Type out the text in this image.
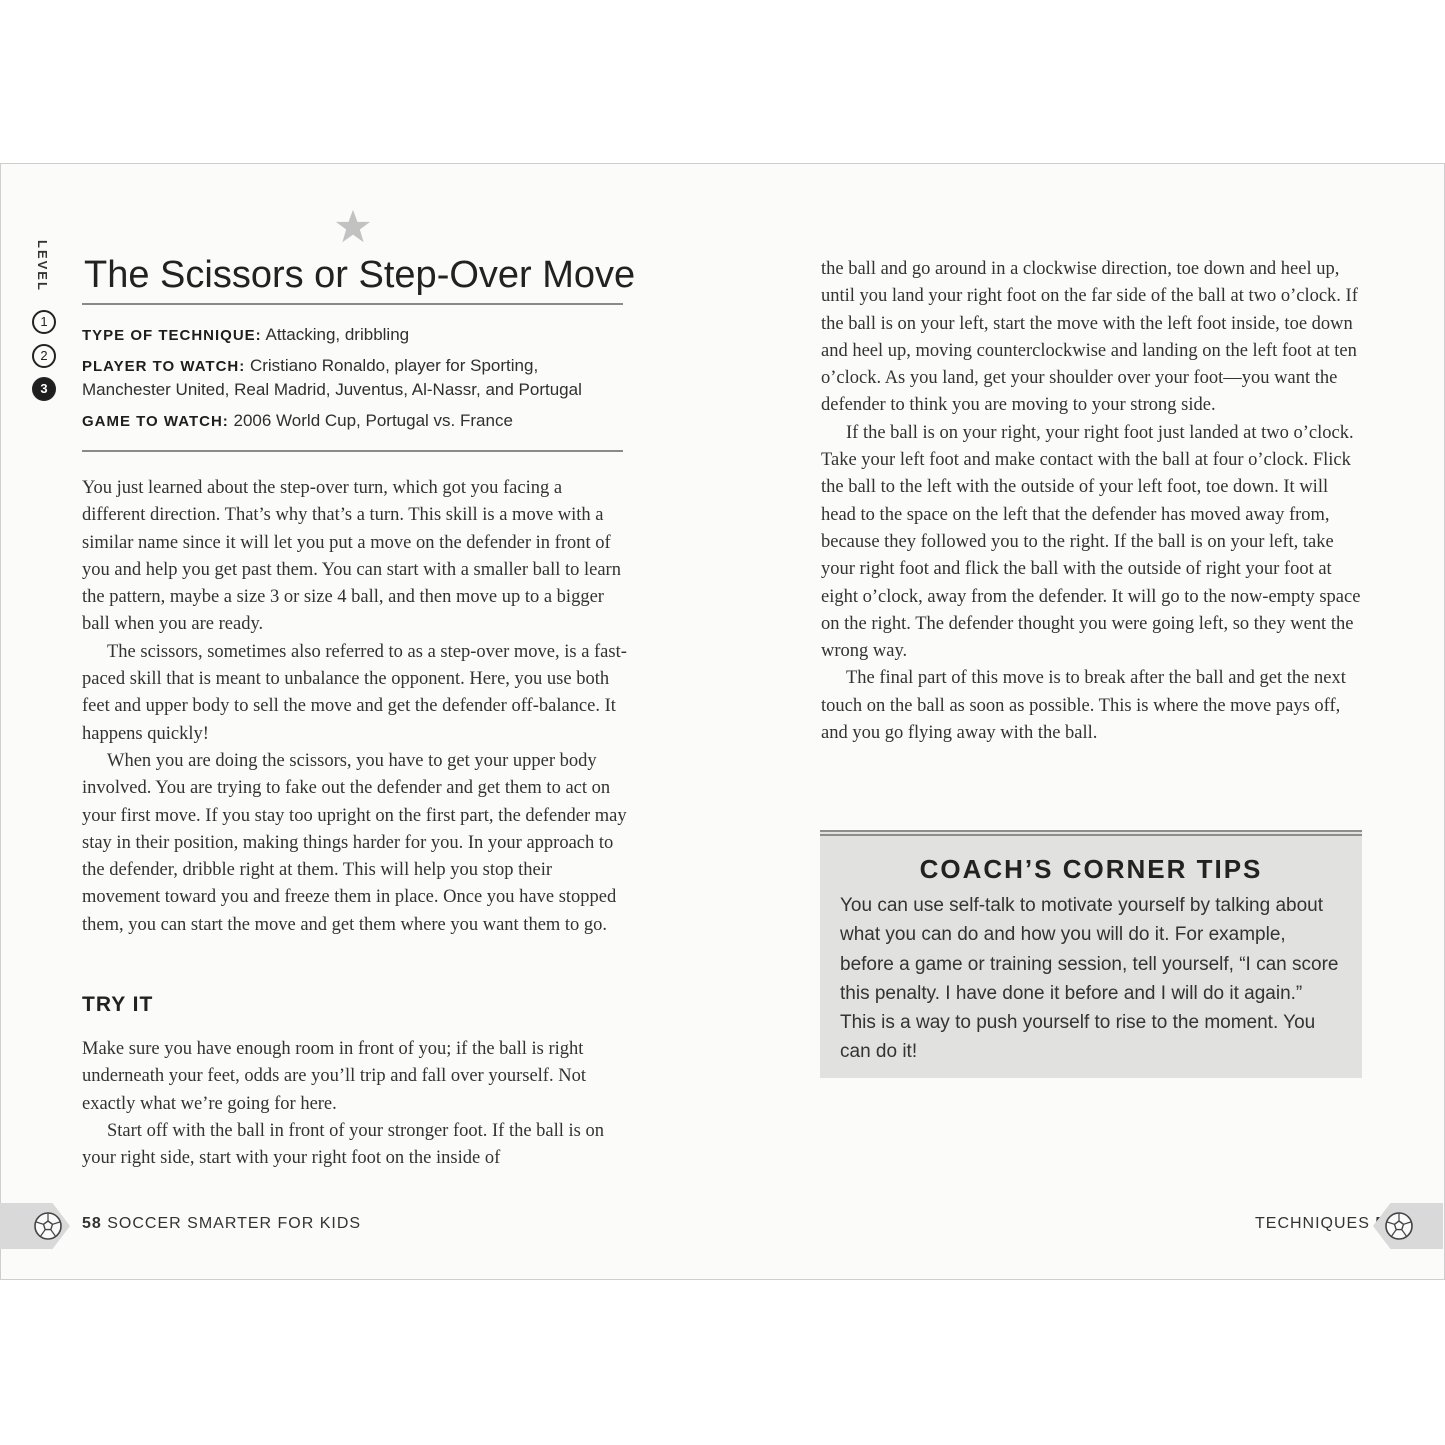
LEVEL
1
2
3
The Scissors or Step-Over Move
TYPE OF TECHNIQUE: Attacking, dribbling
PLAYER TO WATCH: Cristiano Ronaldo, player for Sporting,
Manchester United, Real Madrid, Juventus, Al-Nassr, and Portugal
GAME TO WATCH: 2006 World Cup, Portugal vs. France

You just learned about the step-over turn, which got you facing a different direction. That’s why that’s a turn. This skill is a move with a similar name since it will let you put a move on the defender in front of you and help you get past them. You can start with a smaller ball to learn the pattern, maybe a size 3 or size 4 ball, and then move up to a bigger ball when you are ready.

The scissors, sometimes also referred to as a step-over move, is a fast-paced skill that is meant to unbalance the opponent. Here, you use both feet and upper body to sell the move and get the defender off-balance. It happens quickly!

When you are doing the scissors, you have to get your upper body involved. You are trying to fake out the defender and get them to act on your first move. If you stay too upright on the first part, the defender may stay in their position, making things harder for you. In your approach to the defender, dribble right at them. This will help you stop their movement toward you and freeze them in place. Once you have stopped them, you can start the move and get them where you want them to go.

TRY IT

Make sure you have enough room in front of you; if the ball is right underneath your feet, odds are you’ll trip and fall over yourself. Not exactly what we’re going for here.

Start off with the ball in front of your stronger foot. If the ball is on your right side, start with your right foot on the inside of

the ball and go around in a clockwise direction, toe down and heel up, until you land your right foot on the far side of the ball at two o’clock. If the ball is on your left, start the move with the left foot inside, toe down and heel up, moving counterclockwise and landing on the left foot at ten o’clock. As you land, get your shoulder over your foot—you want the defender to think you are moving to your strong side.

If the ball is on your right, your right foot just landed at two o’clock. Take your left foot and make contact with the ball at four o’clock. Flick the ball to the left with the outside of your left foot, toe down. It will head to the space on the left that the defender has moved away from, because they followed you to the right. If the ball is on your left, take your right foot and flick the ball with the outside of right your foot at eight o’clock, away from the defender. It will go to the now-empty space on the right. The defender thought you were going left, so they went the wrong way.

The final part of this move is to break after the ball and get the next touch on the ball as soon as possible. This is where the move pays off, and you go flying away with the ball.

COACH’S CORNER TIPS

You can use self-talk to motivate yourself by talking about what you can do and how you will do it. For example, before a game or training session, tell yourself, “I can score this penalty. I have done it before and I will do it again.” This is a way to push yourself to rise to the moment. You can do it!

58 SOCCER SMARTER FOR KIDS	TECHNIQUES
